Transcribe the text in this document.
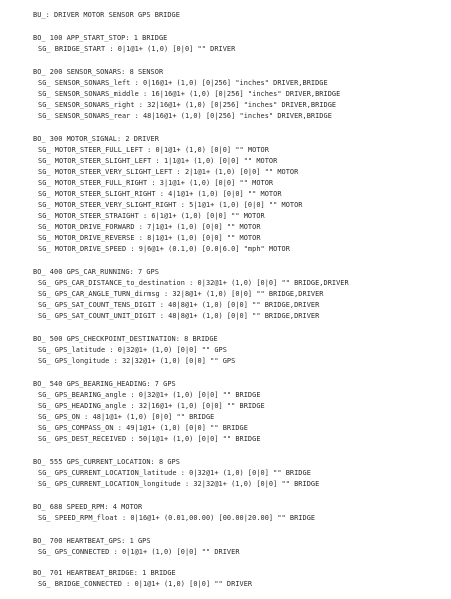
BU_: DRIVER MOTOR SENSOR GPS BRIDGE
BO_ 100 APP_START_STOP: 1 BRIDGE
SG_ BRIDGE_START : 0|1@1+ (1,0) [0|0] "" DRIVER
BO_ 200 SENSOR_SONARS: 8 SENSOR
SG_ SENSOR_SONARS_left : 0|16@1+ (1,0) [0|256] "inches" DRIVER,BRIDGE
SG_ SENSOR_SONARS_middle : 16|16@1+ (1,0) [0|256] "inches" DRIVER,BRIDGE
SG_ SENSOR_SONARS_right : 32|16@1+ (1,0) [0|256] "inches" DRIVER,BRIDGE
SG_ SENSOR_SONARS_rear : 48|16@1+ (1,0) [0|256] "inches" DRIVER,BRIDGE
BO_ 300 MOTOR_SIGNAL: 2 DRIVER
SG_ MOTOR_STEER_FULL_LEFT : 0|1@1+ (1,0) [0|0] "" MOTOR
SG_ MOTOR_STEER_SLIGHT_LEFT : 1|1@1+ (1,0) [0|0] "" MOTOR
SG_ MOTOR_STEER_VERY_SLIGHT_LEFT : 2|1@1+ (1,0) [0|0] "" MOTOR
SG_ MOTOR_STEER_FULL_RIGHT : 3|1@1+ (1,0) [0|0] "" MOTOR
SG_ MOTOR_STEER_SLIGHT_RIGHT : 4|1@1+ (1,0) [0|0] "" MOTOR
SG_ MOTOR_STEER_VERY_SLIGHT_RIGHT : 5|1@1+ (1,0) [0|0] "" MOTOR
SG_ MOTOR_STEER_STRAIGHT : 6|1@1+ (1,0) [0|0] "" MOTOR
SG_ MOTOR_DRIVE_FORWARD : 7|1@1+ (1,0) [0|0] "" MOTOR
SG_ MOTOR_DRIVE_REVERSE : 8|1@1+ (1,0) [0|0] "" MOTOR
SG_ MOTOR_DRIVE_SPEED : 9|6@1+ (0.1,0) [0.0|6.0] "mph" MOTOR
BO_ 400 GPS_CAR_RUNNING: 7 GPS
SG_ GPS_CAR_DISTANCE_to_destination : 0|32@1+ (1,0) [0|0] "" BRIDGE,DRIVER
SG_ GPS_CAR_ANGLE_TURN_dirmsg : 32|8@1+ (1,0) [0|0] "" BRIDGE,DRIVER
SG_ GPS_SAT_COUNT_TENS_DIGIT : 40|8@1+ (1,0) [0|0] "" BRIDGE,DRIVER
SG_ GPS_SAT_COUNT_UNIT_DIGIT : 48|8@1+ (1,0) [0|0] "" BRIDGE,DRIVER
BO_ 500 GPS_CHECKPOINT_DESTINATION: 8 BRIDGE
SG_ GPS_latitude : 0|32@1+ (1,0) [0|0] "" GPS
SG_ GPS_longitude : 32|32@1+ (1,0) [0|0] "" GPS
BO_ 540 GPS_BEARING_HEADING: 7 GPS
SG_ GPS_BEARING_angle : 0|32@1+ (1,0) [0|0] "" BRIDGE
SG_ GPS_HEADING_angle : 32|16@1+ (1,0) [0|0] "" BRIDGE
SG_ GPS_ON : 48|1@1+ (1,0) [0|0] "" BRIDGE
SG_ GPS_COMPASS_ON : 49|1@1+ (1,0) [0|0] "" BRIDGE
SG_ GPS_DEST_RECEIVED : 50|1@1+ (1,0) [0|0] "" BRIDGE
BO_ 555 GPS_CURRENT_LOCATION: 8 GPS
SG_ GPS_CURRENT_LOCATION_latitude : 0|32@1+ (1,0) [0|0] "" BRIDGE
SG_ GPS_CURRENT_LOCATION_longitude : 32|32@1+ (1,0) [0|0] "" BRIDGE
BO_ 688 SPEED_RPM: 4 MOTOR
SG_ SPEED_RPM_float : 0|16@1+ (0.01,00.00) [00.00|20.00] "" BRIDGE
BO_ 700 HEARTBEAT_GPS: 1 GPS
SG_ GPS_CONNECTED : 0|1@1+ (1,0) [0|0] "" DRIVER
BO_ 701 HEARTBEAT_BRIDGE: 1 BRIDGE
SG_ BRIDGE_CONNECTED : 0|1@1+ (1,0) [0|0] "" DRIVER
